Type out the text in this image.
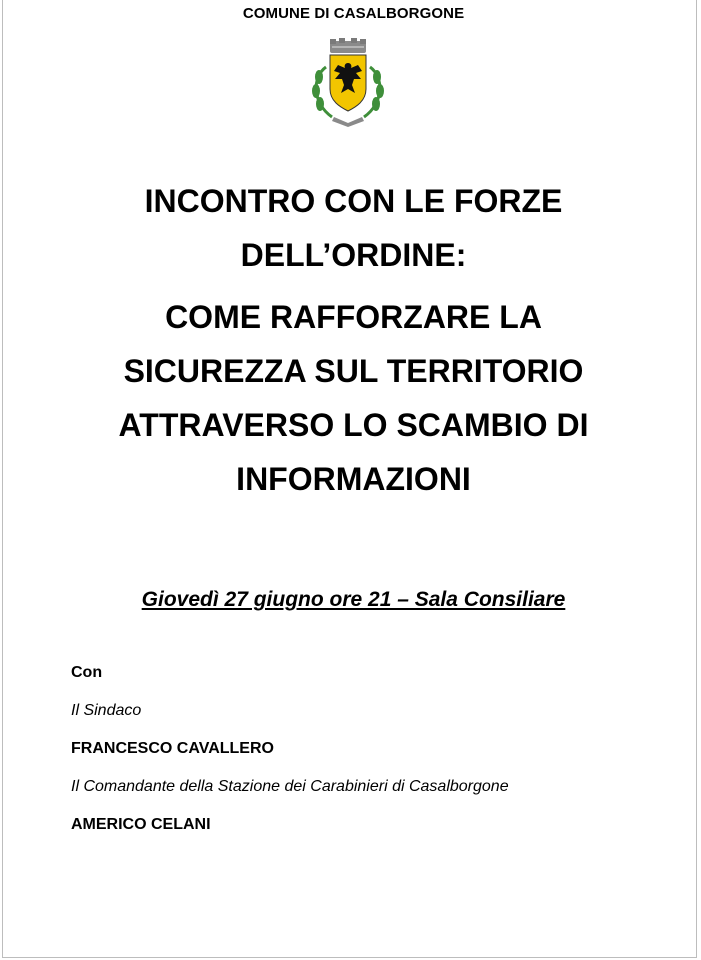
COMUNE DI CASALBORGONE
INCONTRO CON LE FORZE
DELL’ORDINE:
COME RAFFORZARE LA
SICUREZZA SUL TERRITORIO
ATTRAVERSO LO SCAMBIO DI
INFORMAZIONI
Giovedì 27 giugno ore 21 – Sala Consiliare
Con
Il Sindaco
FRANCESCO CAVALLERO
Il Comandante della Stazione dei Carabinieri di Casalborgone
AMERICO CELANI
